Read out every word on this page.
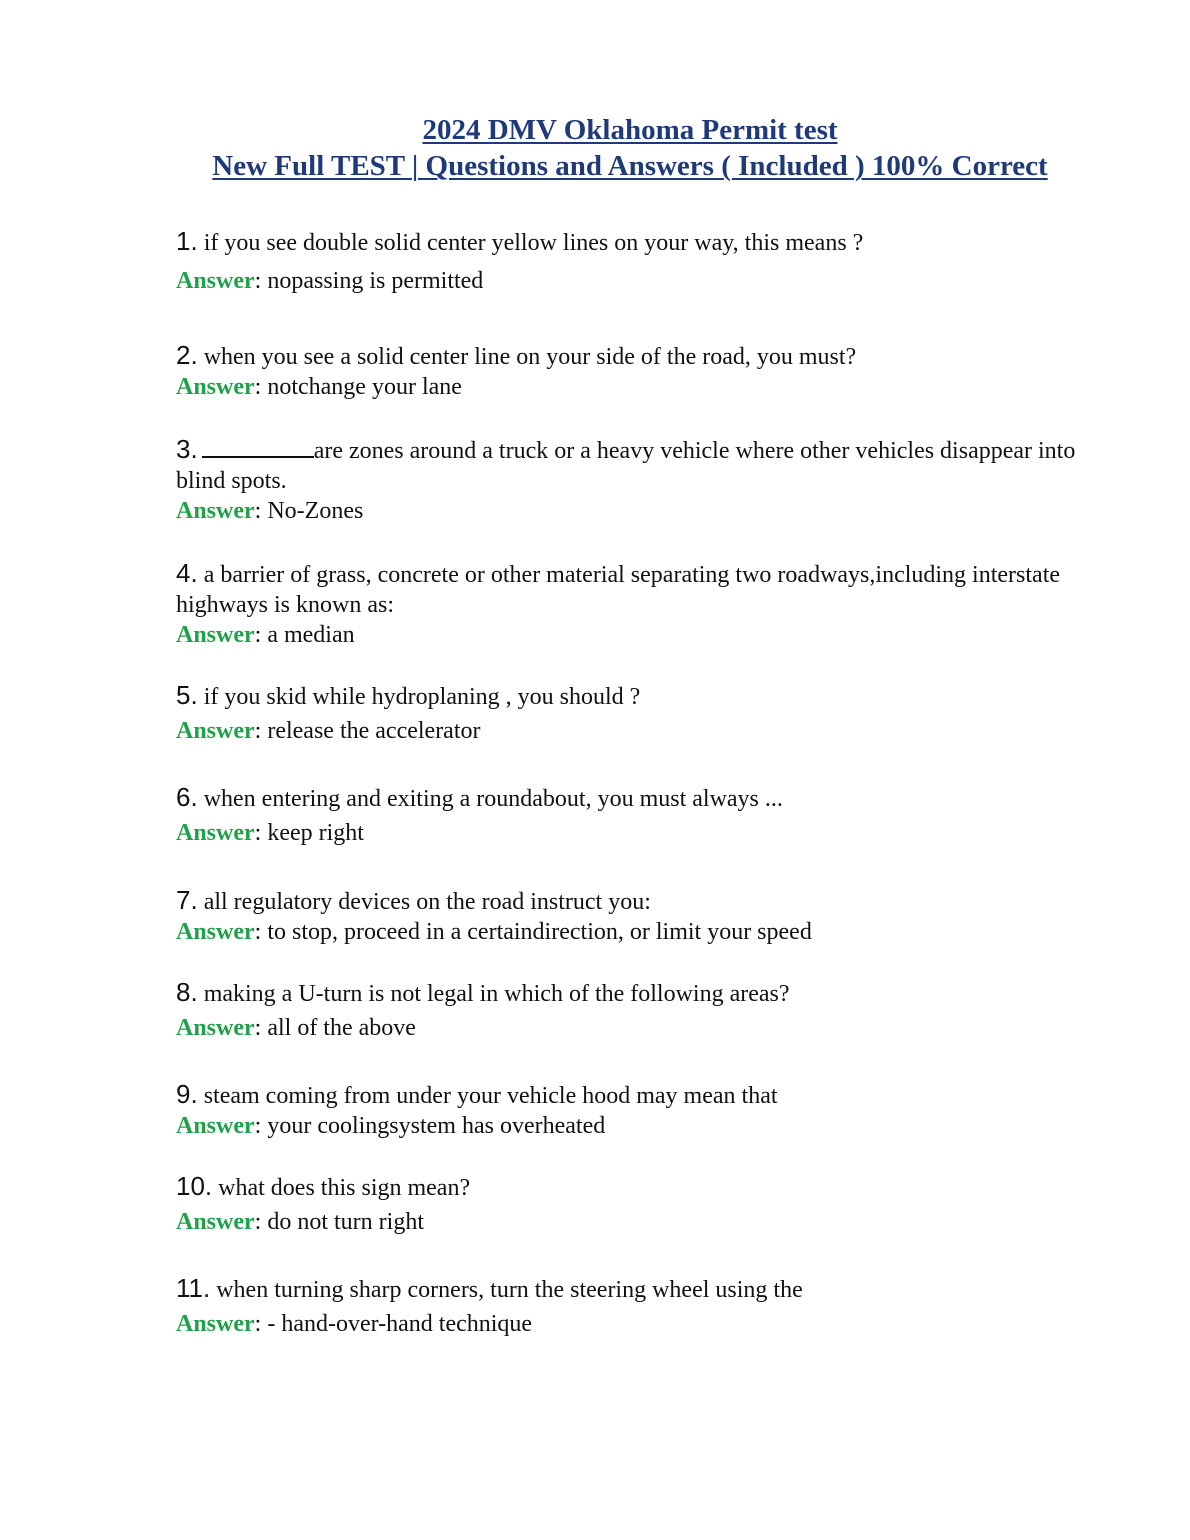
2024 DMV Oklahoma Permit test
New Full TEST | Questions and Answers ( Included ) 100% Correct

1. if you see double solid center yellow lines on your way, this means ?

Answer: nopassing is permitted

2. when you see a solid center line on your side of the road, you must?

Answer: notchange your lane

3.	are zones around a truck or a heavy vehicle where other vehicles disappear into blind spots.

Answer: No-Zones

4. a barrier of grass, concrete or other material separating two roadways,including interstate highways is known as:

Answer: a median

5. if you skid while hydroplaning , you should ?

Answer: release the accelerator

6. when entering and exiting a roundabout, you must always ...

Answer: keep right

7. all regulatory devices on the road instruct you:

Answer: to stop, proceed in a certaindirection, or limit your speed

8. making a U-turn is not legal in which of the following areas?

Answer: all of the above

9. steam coming from under your vehicle hood may mean that

Answer: your coolingsystem has overheated

10. what does this sign mean?

Answer: do not turn right

11. when turning sharp corners, turn the steering wheel using the

Answer: - hand-over-hand technique
